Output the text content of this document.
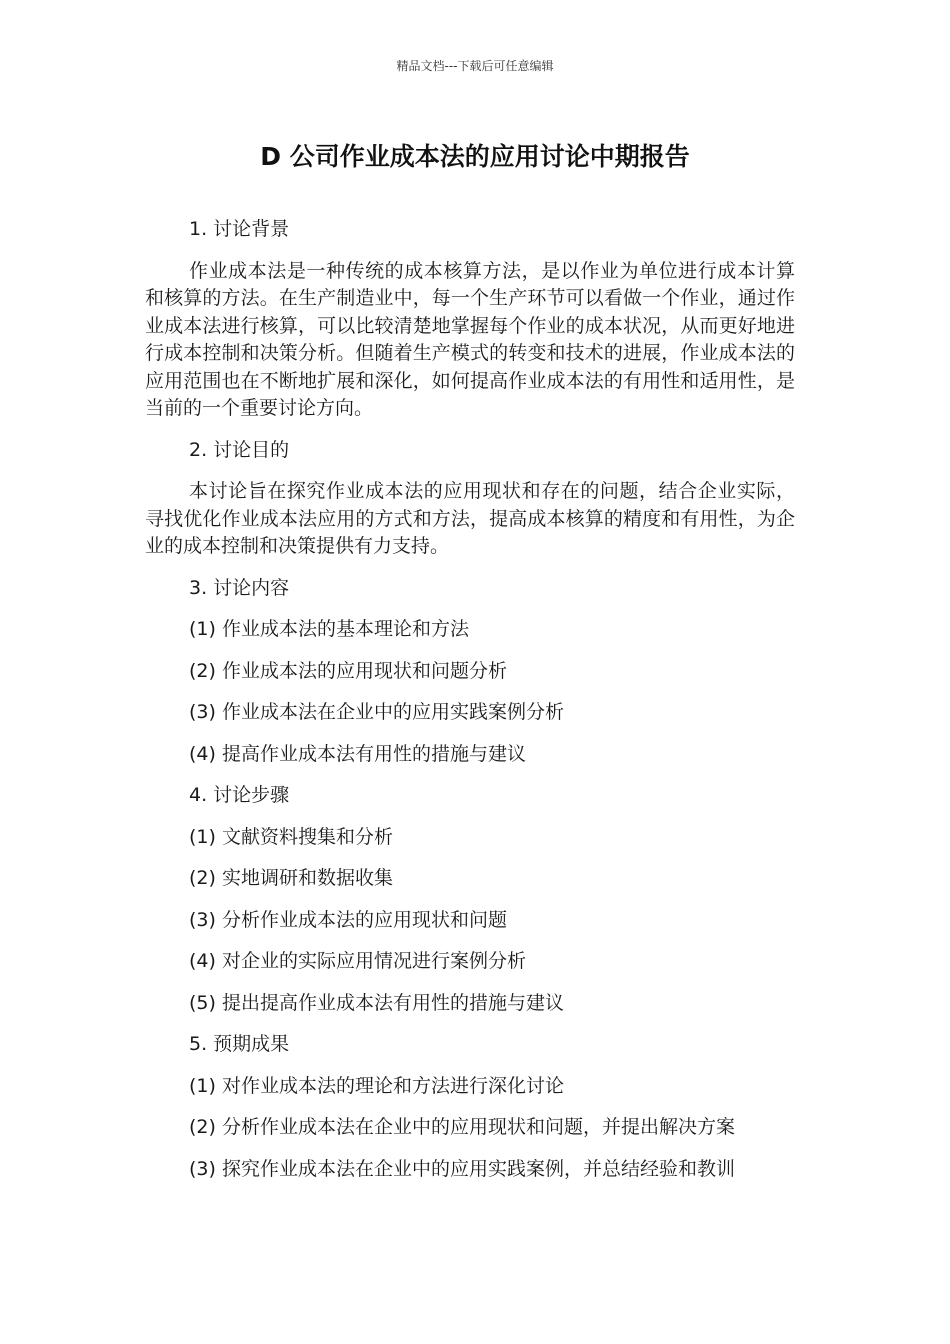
精品文档---下载后可任意编辑
D 公司作业成本法的应用讨论中期报告
1. 讨论背景
作业成本法是一种传统的成本核算方法，是以作业为单位进行成本计算和核算的方法。在生产制造业中，每一个生产环节可以看做一个作业，通过作业成本法进行核算，可以比较清楚地掌握每个作业的成本状况，从而更好地进行成本控制和决策分析。但随着生产模式的转变和技术的进展，作业成本法的应用范围也在不断地扩展和深化，如何提高作业成本法的有用性和适用性，是当前的一个重要讨论方向。
2. 讨论目的
本讨论旨在探究作业成本法的应用现状和存在的问题，结合企业实际，寻找优化作业成本法应用的方式和方法，提高成本核算的精度和有用性，为企业的成本控制和决策提供有力支持。
3. 讨论内容
(1) 作业成本法的基本理论和方法
(2) 作业成本法的应用现状和问题分析
(3) 作业成本法在企业中的应用实践案例分析
(4) 提高作业成本法有用性的措施与建议
4. 讨论步骤
(1) 文献资料搜集和分析
(2) 实地调研和数据收集
(3) 分析作业成本法的应用现状和问题
(4) 对企业的实际应用情况进行案例分析
(5) 提出提高作业成本法有用性的措施与建议
5. 预期成果
(1) 对作业成本法的理论和方法进行深化讨论
(2) 分析作业成本法在企业中的应用现状和问题，并提出解决方案
(3) 探究作业成本法在企业中的应用实践案例，并总结经验和教训
